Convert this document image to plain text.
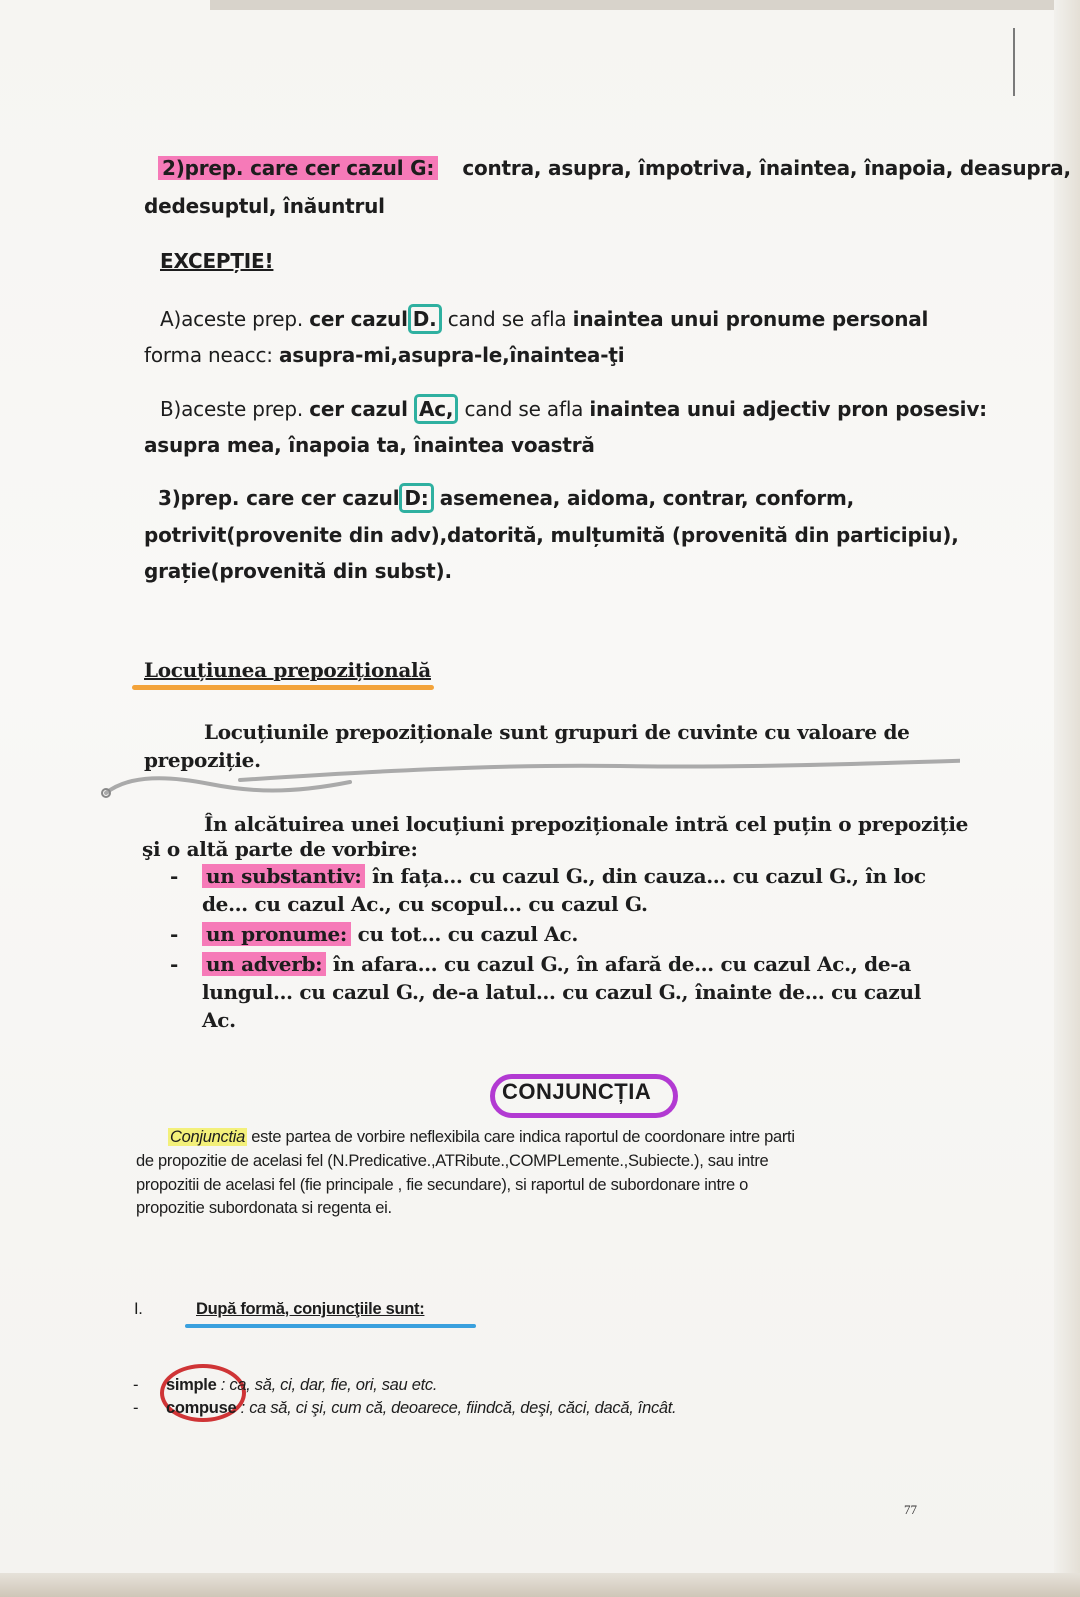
2)prep. care cer cazul G: contra, asupra, împotriva, înaintea, înapoia, deasupra,
dedesuptul, înăuntrul
EXCEPȚIE!
A)aceste prep. cer cazul D. cand se afla inaintea unui pronume personal
forma neacc: asupra-mi,asupra-le,înaintea-ţi
B)aceste prep. cer cazul Ac, cand se afla inaintea unui adjectiv pron posesiv:
asupra mea, înapoia ta, înaintea voastră
3)prep. care cer cazul D: asemenea, aidoma, contrar, conform,
potrivit(provenite din adv),datorită, mulțumită (provenită din participiu),
grație(provenită din subst).
Locuțiunea prepozițională
Locuțiunile prepoziționale sunt grupuri de cuvinte cu valoare de
prepoziție.
În alcătuirea unei locuțiuni prepoziționale intră cel puțin o prepoziție
şi o altă parte de vorbire:
- un substantiv: în fața… cu cazul G., din cauza… cu cazul G., în loc
de… cu cazul Ac., cu scopul… cu cazul G.
- un pronume: cu tot… cu cazul Ac.
- un adverb: în afara… cu cazul G., în afară de… cu cazul Ac., de-a
lungul… cu cazul G., de-a latul… cu cazul G., înainte de… cu cazul
Ac.
CONJUNCȚIA
Conjunctia este partea de vorbire neflexibila care indica raportul de coordonare intre parti
de propozitie de acelasi fel (N.Predicative.,ATRibute.,COMPLemente.,Subiecte.), sau intre
propozitii de acelasi fel (fie principale , fie secundare), si raportul de subordonare intre o
propozitie subordonata si regenta ei.
I.	După formă, conjuncţiile sunt:
- simple : ca, să, ci, dar, fie, ori, sau etc.
- compuse : ca să, ci şi, cum că, deoarece, fiindcă, deşi, căci, dacă, încât.
77
